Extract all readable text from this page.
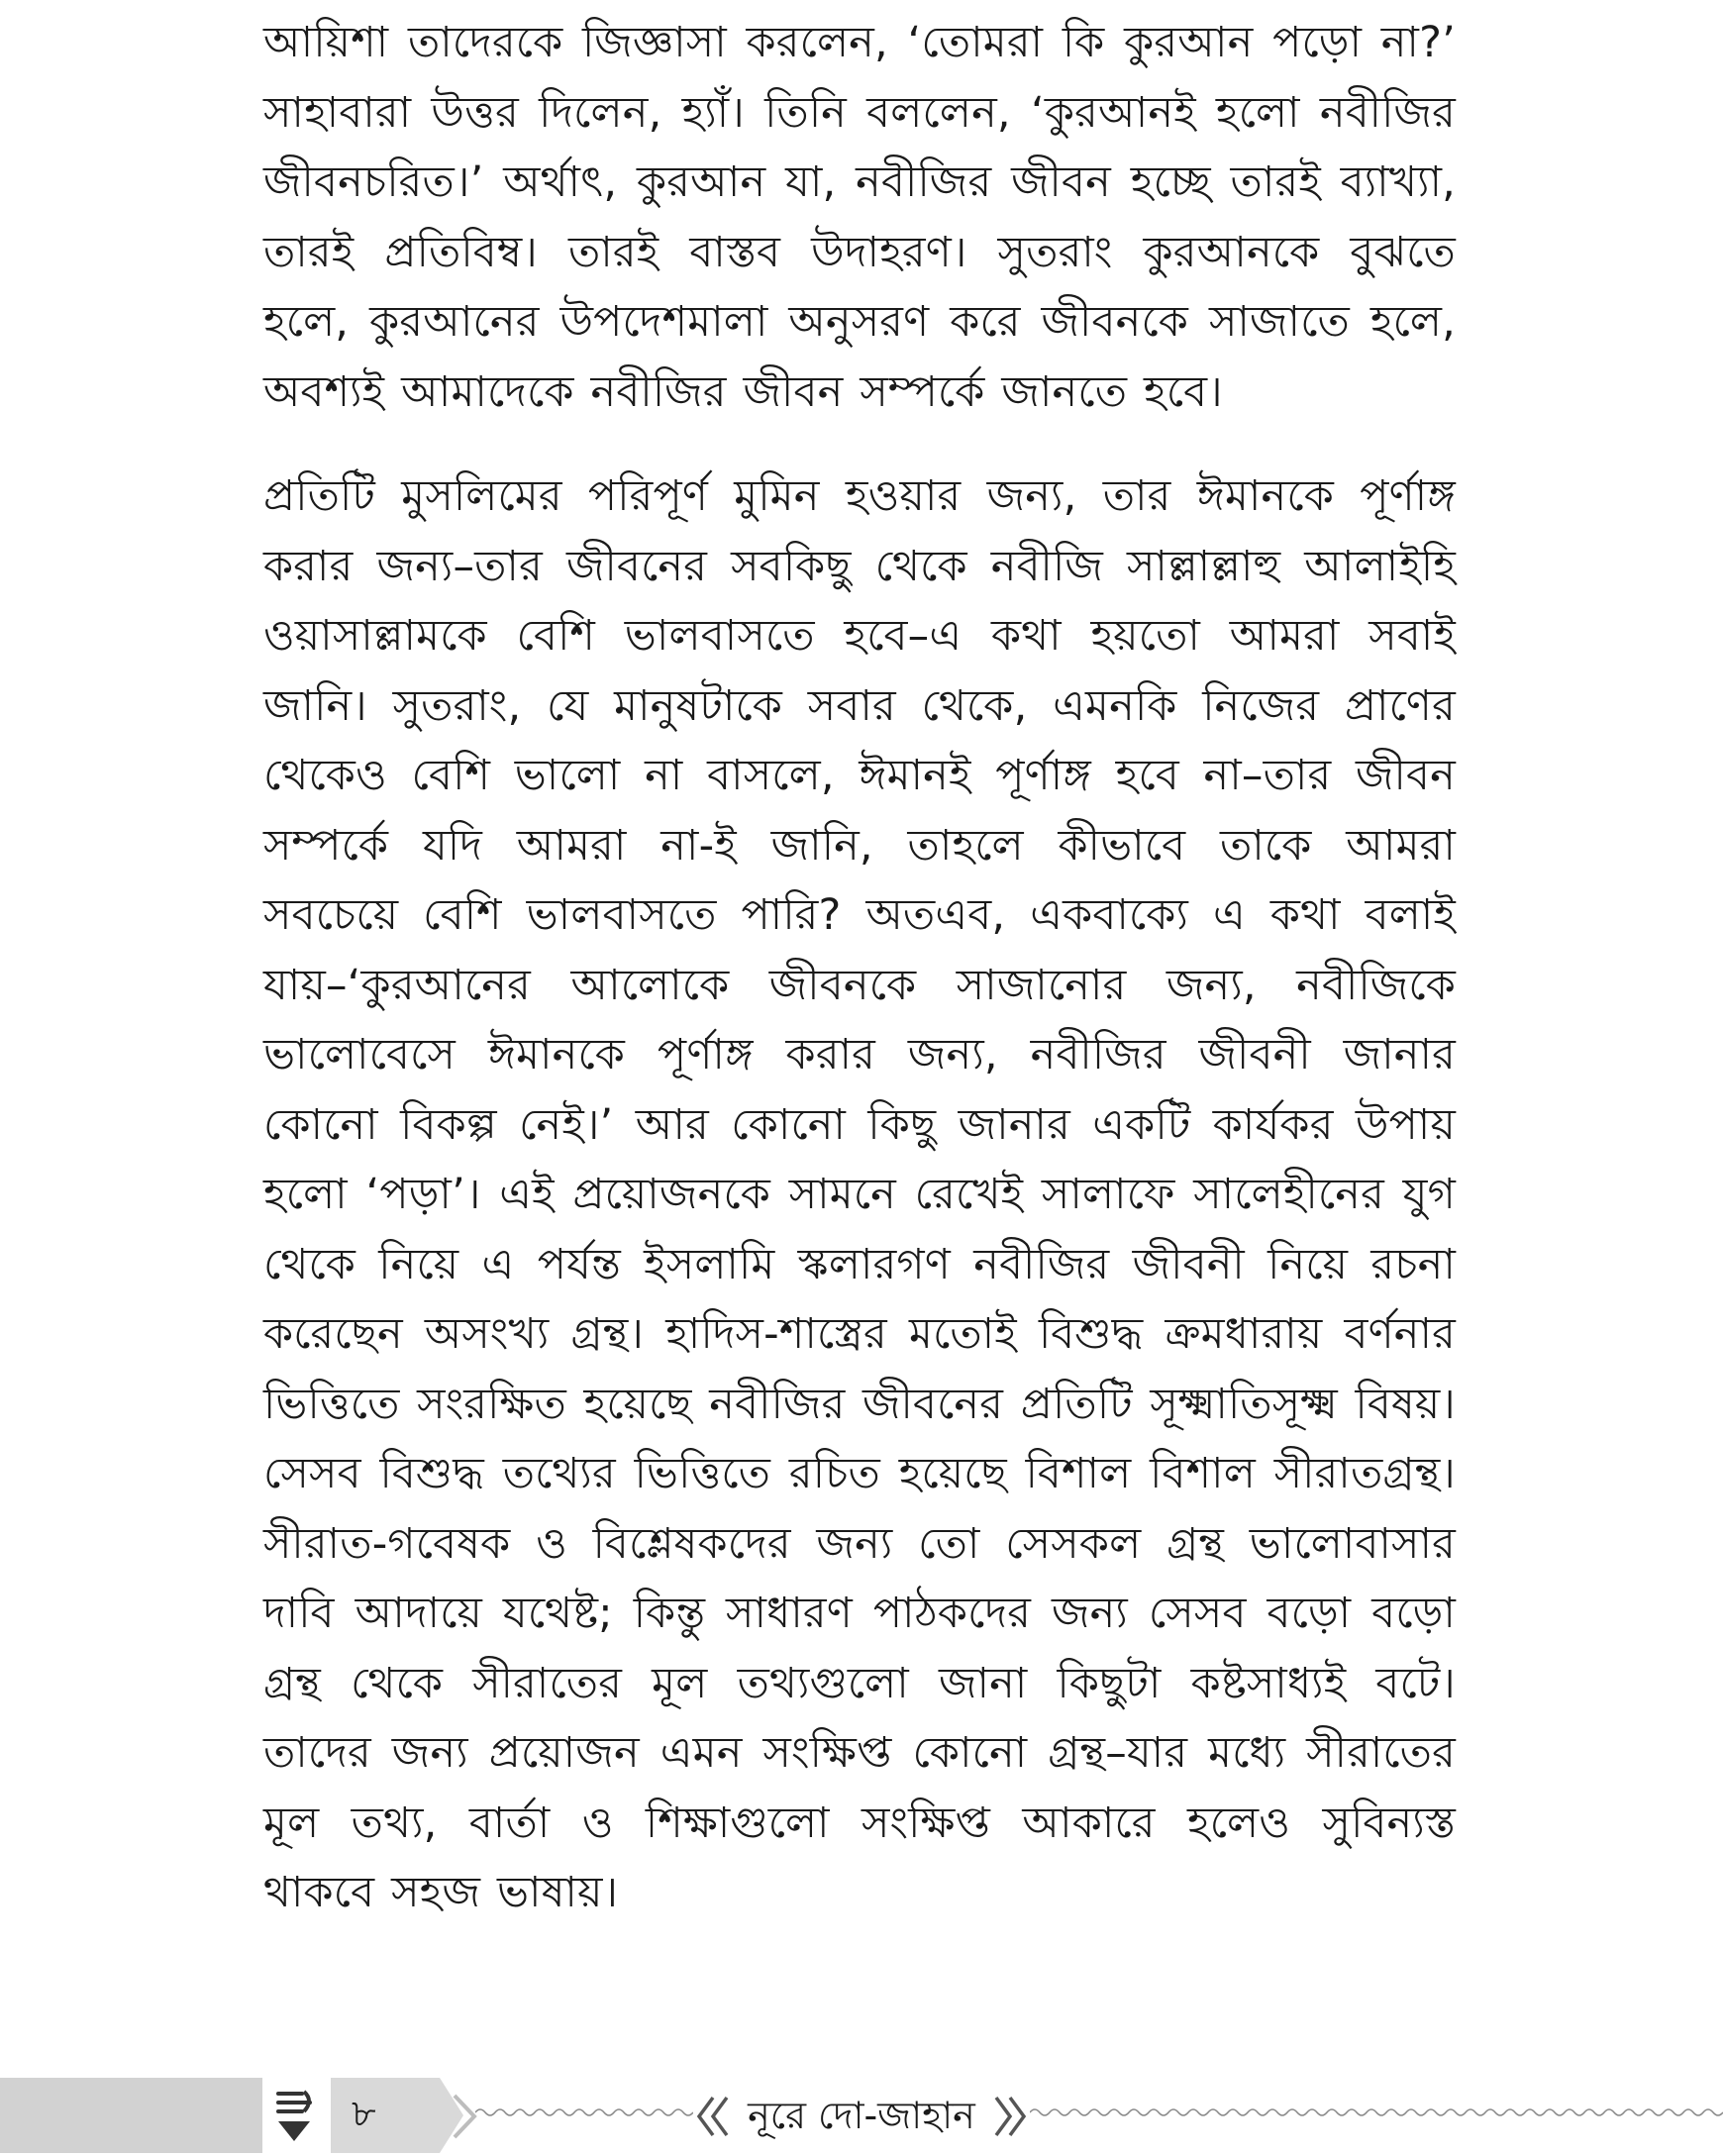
আয়িশা তাদেরকে জিজ্ঞাসা করলেন, ‘তোমরা কি কুরআন পড়ো না?’ সাহাবারা উত্তর দিলেন, হ্যাঁ। তিনি বললেন, ‘কুরআনই হলো নবীজির জীবনচরিত।’ অর্থাৎ, কুরআন যা, নবীজির জীবন হচ্ছে তারই ব্যাখ্যা, তারই প্রতিবিম্ব। তারই বাস্তব উদাহরণ। সুতরাং কুরআনকে বুঝতে হলে, কুরআনের উপদেশমালা অনুসরণ করে জীবনকে সাজাতে হলে, অবশ্যই আমাদেকে নবীজির জীবন সম্পর্কে জানতে হবে।

প্রতিটি মুসলিমের পরিপূর্ণ মুমিন হওয়ার জন্য, তার ঈমানকে পূর্ণাঙ্গ করার জন্য–তার জীবনের সবকিছু থেকে নবীজি সাল্লাল্লাহু আলাইহি ওয়াসাল্লামকে বেশি ভালবাসতে হবে–এ কথা হয়তো আমরা সবাই জানি। সুতরাং, যে মানুষটাকে সবার থেকে, এমনকি নিজের প্রাণের থেকেও বেশি ভালো না বাসলে, ঈমানই পূর্ণাঙ্গ হবে না–তার জীবন সম্পর্কে যদি আমরা না-ই জানি, তাহলে কীভাবে তাকে আমরা সবচেয়ে বেশি ভালবাসতে পারি? অতএব, একবাক্যে এ কথা বলাই যায়–‘কুরআনের আলোকে জীবনকে সাজানোর জন্য, নবীজিকে ভালোবেসে ঈমানকে পূর্ণাঙ্গ করার জন্য, নবীজির জীবনী জানার কোনো বিকল্প নেই।’ আর কোনো কিছু জানার একটি কার্যকর উপায় হলো ‘পড়া’। এই প্রয়োজনকে সামনে রেখেই সালাফে সালেহীনের যুগ থেকে নিয়ে এ পর্যন্ত ইসলামি স্কলারগণ নবীজির জীবনী নিয়ে রচনা করেছেন অসংখ্য গ্রন্থ। হাদিস-শাস্ত্রের মতোই বিশুদ্ধ ক্রমধারায় বর্ণনার ভিত্তিতে সংরক্ষিত হয়েছে নবীজির জীবনের প্রতিটি সূক্ষ্মাতিসূক্ষ্ম বিষয়। সেসব বিশুদ্ধ তথ্যের ভিত্তিতে রচিত হয়েছে বিশাল বিশাল সীরাতগ্রন্থ। সীরাত-গবেষক ও বিশ্লেষকদের জন্য তো সেসকল গ্রন্থ ভালোবাসার দাবি আদায়ে যথেষ্ট; কিন্তু সাধারণ পাঠকদের জন্য সেসব বড়ো বড়ো গ্রন্থ থেকে সীরাতের মূল তথ্যগুলো জানা কিছুটা কষ্টসাধ্যই বটে। তাদের জন্য প্রয়োজন এমন সংক্ষিপ্ত কোনো গ্রন্থ–যার মধ্যে সীরাতের মূল তথ্য, বার্তা ও শিক্ষাগুলো সংক্ষিপ্ত আকারে হলেও সুবিন্যস্ত থাকবে সহজ ভাষায়।

৮	নূরে দো-জাহান
